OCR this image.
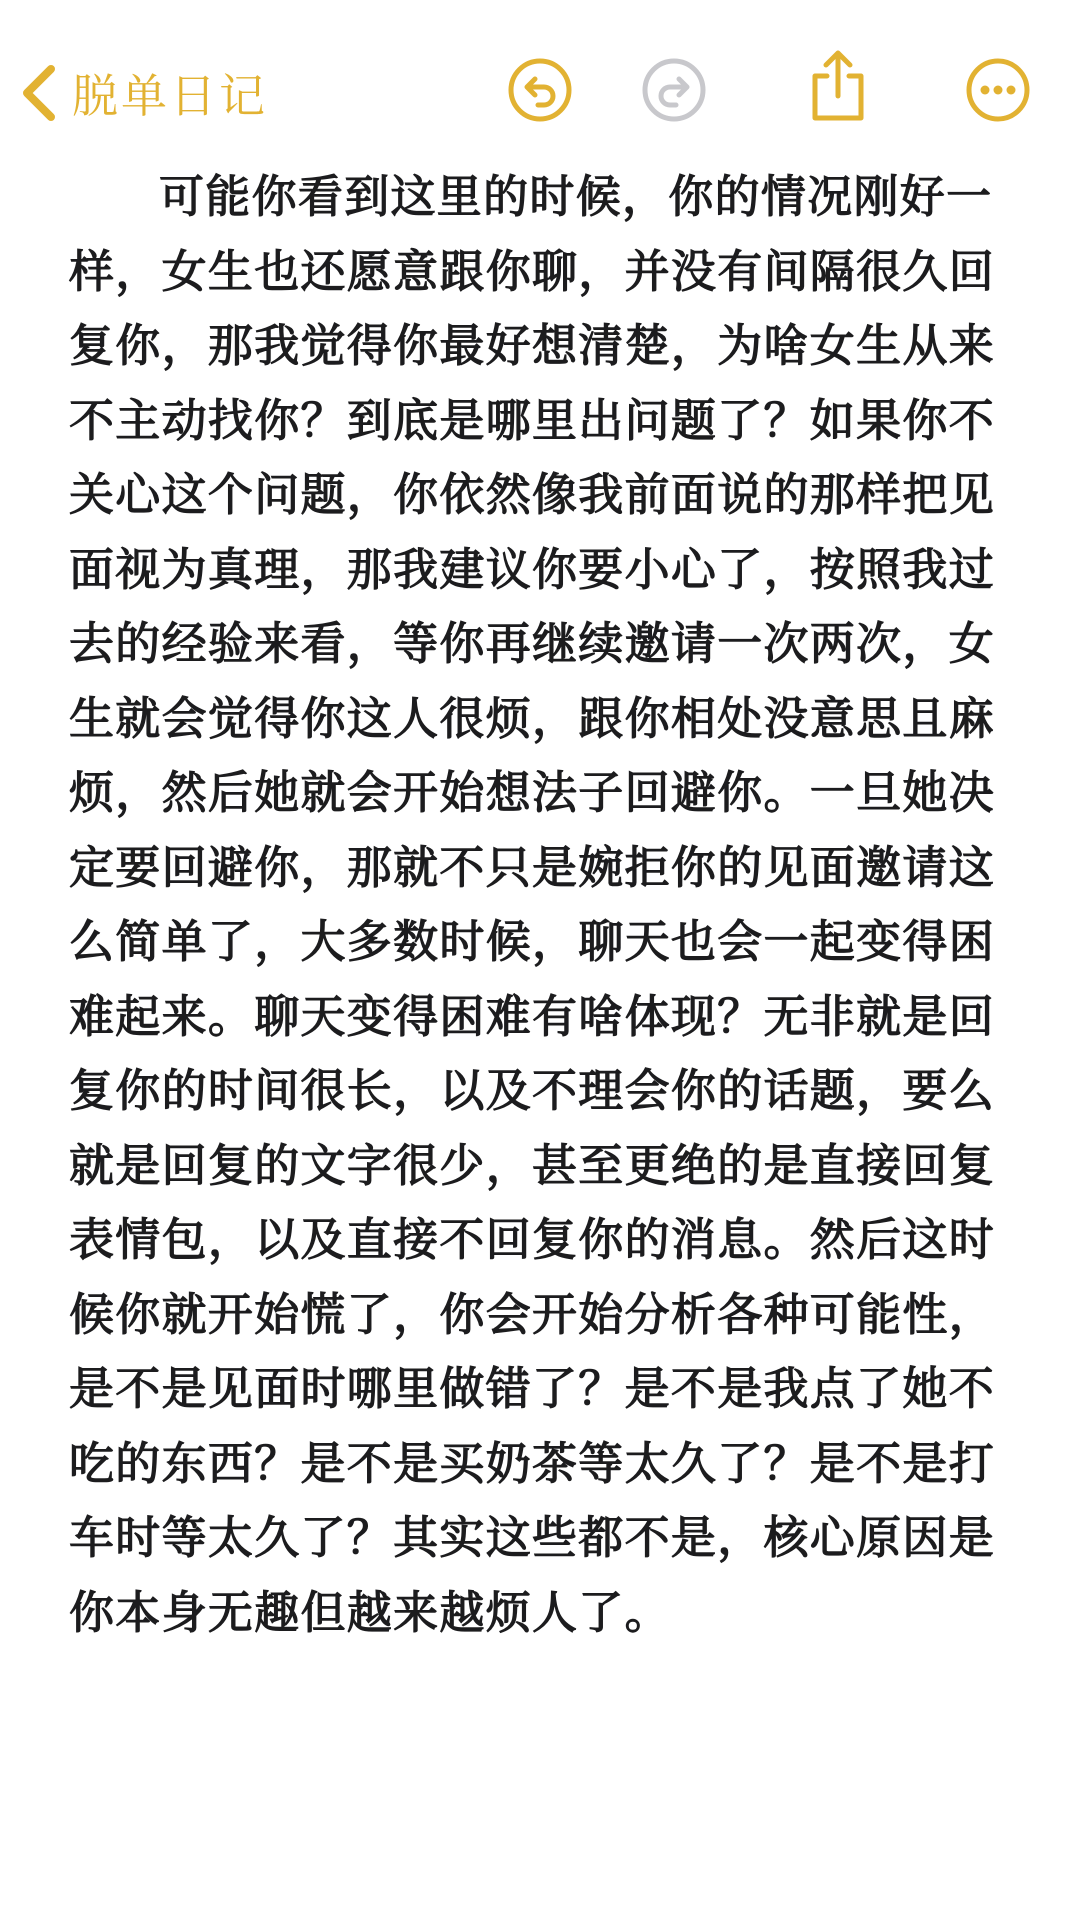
脱单日记

可能你看到这里的时候，你的情况刚好一样，女生也还愿意跟你聊，并没有间隔很久回复你，那我觉得你最好想清楚，为啥女生从来不主动找你？到底是哪里出问题了？如果你不关心这个问题，你依然像我前面说的那样把见面视为真理，那我建议你要小心了，按照我过去的经验来看，等你再继续邀请一次两次，女生就会觉得你这人很烦，跟你相处没意思且麻烦，然后她就会开始想法子回避你。一旦她决定要回避你，那就不只是婉拒你的见面邀请这么简单了，大多数时候，聊天也会一起变得困难起来。聊天变得困难有啥体现？无非就是回复你的时间很长，以及不理会你的话题，要么就是回复的文字很少，甚至更绝的是直接回复表情包，以及直接不回复你的消息。然后这时候你就开始慌了，你会开始分析各种可能性，是不是见面时哪里做错了？是不是我点了她不吃的东西？是不是买奶茶等太久了？是不是打车时等太久了？其实这些都不是，核心原因是你本身无趣但越来越烦人了。
